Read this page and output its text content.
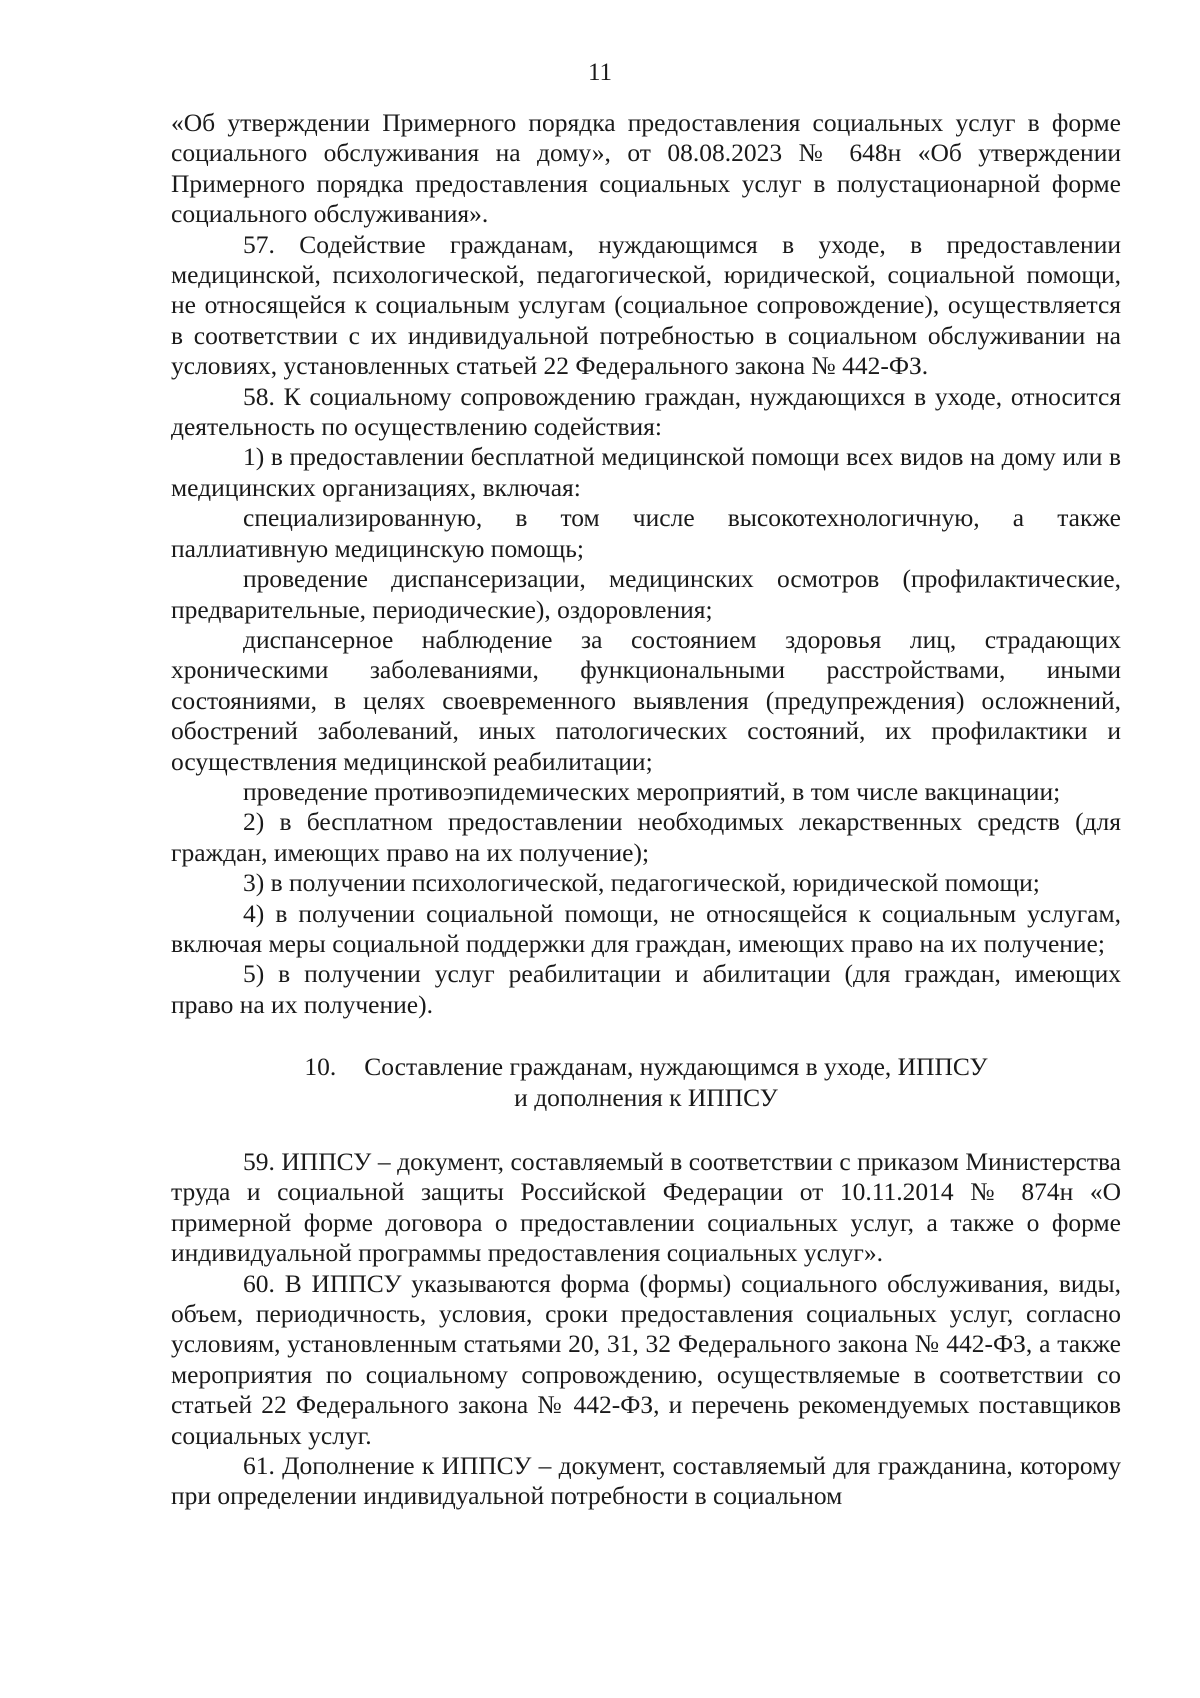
11

«Об утверждении Примерного порядка предоставления социальных услуг в форме социального обслуживания на дому», от 08.08.2023 № 648н «Об утверждении Примерного порядка предоставления социальных услуг в полустационарной форме социального обслуживания».

57. Содействие гражданам, нуждающимся в уходе, в предоставлении медицинской, психологической, педагогической, юридической, социальной помощи, не относящейся к социальным услугам (социальное сопровождение), осуществляется в соответствии с их индивидуальной потребностью в социальном обслуживании на условиях, установленных статьей 22 Федерального закона № 442-ФЗ.

58. К социальному сопровождению граждан, нуждающихся в уходе, относится деятельность по осуществлению содействия:

1) в предоставлении бесплатной медицинской помощи всех видов на дому или в медицинских организациях, включая:

специализированную, в том числе высокотехнологичную, а также паллиативную медицинскую помощь;

проведение диспансеризации, медицинских осмотров (профилактические, предварительные, периодические), оздоровления;

диспансерное наблюдение за состоянием здоровья лиц, страдающих хроническими заболеваниями, функциональными расстройствами, иными состояниями, в целях своевременного выявления (предупреждения) осложнений, обострений заболеваний, иных патологических состояний, их профилактики и осуществления медицинской реабилитации;

проведение противоэпидемических мероприятий, в том числе вакцинации;

2) в бесплатном предоставлении необходимых лекарственных средств (для граждан, имеющих право на их получение);

3) в получении психологической, педагогической, юридической помощи;

4) в получении социальной помощи, не относящейся к социальным услугам, включая меры социальной поддержки для граждан, имеющих право на их получение;

5) в получении услуг реабилитации и абилитации (для граждан, имеющих право на их получение).

10. Составление гражданам, нуждающимся в уходе, ИППСУ
и дополнения к ИППСУ

59. ИППСУ – документ, составляемый в соответствии с приказом Министерства труда и социальной защиты Российской Федерации от 10.11.2014 № 874н «О примерной форме договора о предоставлении социальных услуг, а также о форме индивидуальной программы предоставления социальных услуг».

60. В ИППСУ указываются форма (формы) социального обслуживания, виды, объем, периодичность, условия, сроки предоставления социальных услуг, согласно условиям, установленным статьями 20, 31, 32 Федерального закона № 442-ФЗ, а также мероприятия по социальному сопровождению, осуществляемые в соответствии со статьей 22 Федерального закона № 442-ФЗ, и перечень рекомендуемых поставщиков социальных услуг.

61. Дополнение к ИППСУ – документ, составляемый для гражданина, которому при определении индивидуальной потребности в социальном
